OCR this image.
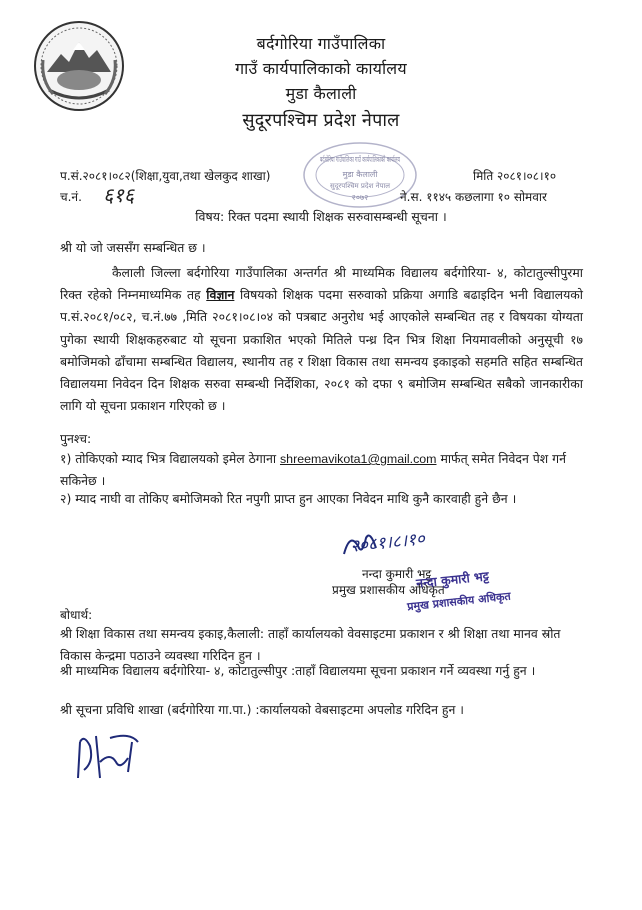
बर्दगोरिया गाउँपालिका
गाउँ कार्यपालिकाको कार्यालय
मुडा कैलाली
सुदूरपश्चिम प्रदेश नेपाल
बर्दगोरिया गाउँपालिका गाउँ कार्यपालिकाको कार्यालय
मुडा कैलाली
सुदूरपश्चिम प्रदेश नेपाल
२०७२
प.सं.२०८१।०८२(शिक्षा,युवा,तथा खेलकुद शाखा)	मिति २०८१।०८।१०
च.नं. ६१६	ने.स. ११४५ कछलागा १० सोमवार
विषय: रिक्त पदमा स्थायी शिक्षक सरुवासम्बन्धी सूचना ।
श्री यो जो जससँग सम्बन्धित छ ।

कैलाली जिल्ला बर्दगोरिया गाउँपालिका अन्तर्गत श्री माध्यमिक विद्यालय बर्दगोरिया- ४, कोटातुल्सीपुरमा रिक्त रहेको निम्नमाध्यमिक तह विज्ञान विषयको शिक्षक पदमा सरुवाको प्रक्रिया अगाडि बढाइदिन भनी विद्यालयको प.सं.२०८१/०८२, च.नं.७७ ,मिति २०८१।०८।०४ को पत्रबाट अनुरोध भई आएकोले सम्बन्धित तह र विषयका योग्यता पुगेका स्थायी शिक्षकहरुबाट यो सूचना प्रकाशित भएको मितिले पन्ध्र दिन भित्र शिक्षा नियमावलीको अनुसूची १७ बमोजिमको ढाँचामा सम्बन्धित विद्यालय, स्थानीय तह र शिक्षा विकास तथा समन्वय इकाइको सहमति सहित सम्बन्धित विद्यालयमा निवेदन दिन शिक्षक सरुवा सम्बन्धी निर्देशिका, २०८१ को दफा ९ बमोजिम सम्बन्धित सबैको जानकारीका लागि यो सूचना प्रकाशन गरिएको छ ।

पुनश्च:
१) तोकिएको म्याद भित्र विद्यालयको इमेल ठेगाना shreemavikota1@gmail.com मार्फत् समेत निवेदन पेश गर्न सकिनेछ ।
२) म्याद नाघी वा तोकिए बमोजिमको रित नपुगी प्राप्त हुन आएका निवेदन माथि कुनै कारवाही हुने छैन ।
२०८१।८।१०
नन्दा कुमारी भट्ट
प्रमुख प्रशासकीय अधिकृत
नन्दा कुमारी भट्ट
प्रमुख प्रशासकीय अधिकृत
बोधार्थ:
श्री शिक्षा विकास तथा समन्वय इकाइ,कैलाली: ताहाँ कार्यालयको वेवसाइटमा प्रकाशन र श्री शिक्षा तथा मानव स्रोत विकास केन्द्रमा पठाउने व्यवस्था गरिदिन हुन ।
श्री माध्यमिक विद्यालय बर्दगोरिया- ४, कोटातुल्सीपुर :ताहाँ विद्यालयमा सूचना प्रकाशन गर्ने व्यवस्था गर्नु हुन ।
श्री सूचना प्रविधि शाखा (बर्दगोरिया गा.पा.) :कार्यालयको वेबसाइटमा अपलोड गरिदिन हुन ।
